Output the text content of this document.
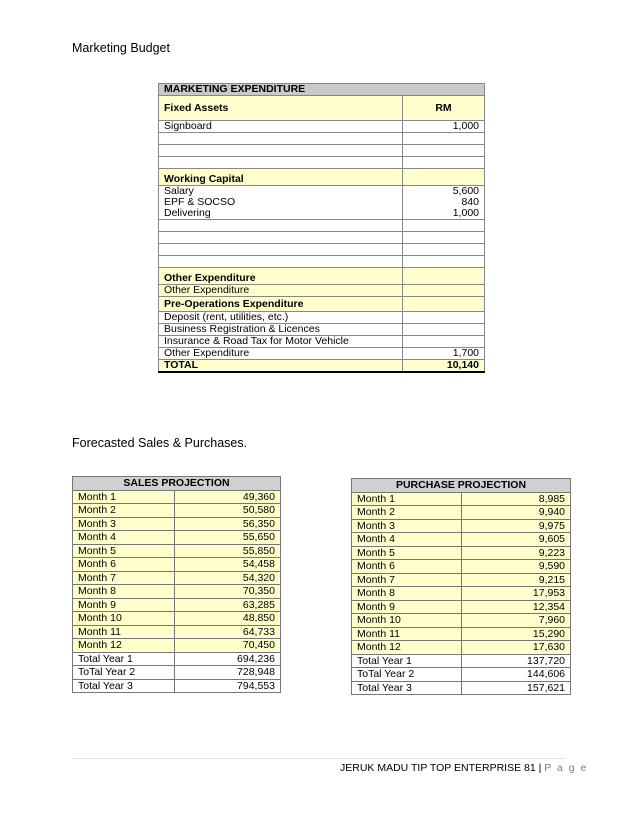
Marketing Budget
MARKETING EXPENDITURE	
Fixed Assets	RM
Signboard	1,000

Working Capital	
Salary	5,600
EPF & SOCSO	840
Delivering	1,000

Other Expenditure	
Other Expenditure	
Pre-Operations Expenditure	
Deposit (rent, utilities, etc.)	
Business Registration & Licences	
Insurance & Road Tax for Motor Vehicle	
Other Expenditure	1,700
TOTAL	10,140
Forecasted Sales & Purchases.
SALES PROJECTION	
Month 1	49,360
Month 2	50,580
Month 3	56,350
Month 4	55,650
Month 5	55,850
Month 6	54,458
Month 7	54,320
Month 8	70,350
Month 9	63,285
Month 10	48,850
Month 11	64,733
Month 12	70,450
Total Year 1	694,236
ToTal Year 2	728,948
Total Year 3	794,553
PURCHASE PROJECTION	
Month 1	8,985
Month 2	9,940
Month 3	9,975
Month 4	9,605
Month 5	9,223
Month 6	9,590
Month 7	9,215
Month 8	17,953
Month 9	12,354
Month 10	7,960
Month 11	15,290
Month 12	17,630
Total Year 1	137,720
ToTal Year 2	144,606
Total Year 3	157,621
JERUK MADU TIP TOP ENTERPRISE 81 | P a g e
